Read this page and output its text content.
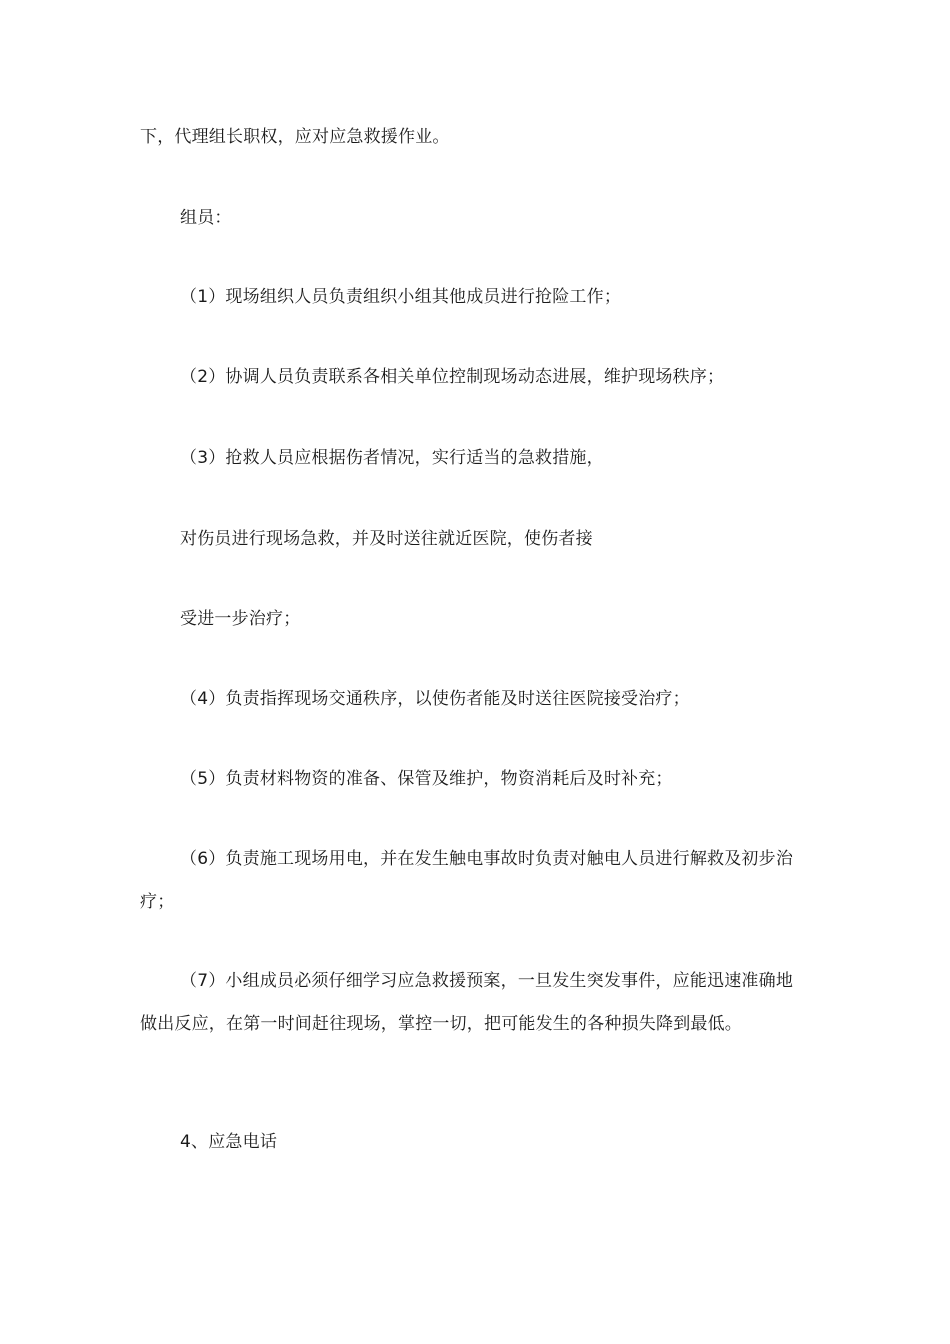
下，代理组长职权，应对应急救援作业。
组员：
（1）现场组织人员负责组织小组其他成员进行抢险工作；
（2）协调人员负责联系各相关单位控制现场动态进展，维护现场秩序；
（3）抢救人员应根据伤者情况，实行适当的急救措施，
对伤员进行现场急救，并及时送往就近医院，使伤者接
受进一步治疗；
（4）负责指挥现场交通秩序，以使伤者能及时送往医院接受治疗；
（5）负责材料物资的准备、保管及维护，物资消耗后及时补充；
（6）负责施工现场用电，并在发生触电事故时负责对触电人员进行解救及初步治疗；
（7）小组成员必须仔细学习应急救援预案，一旦发生突发事件，应能迅速准确地做出反应，在第一时间赶往现场，掌控一切，把可能发生的各种损失降到最低。
4、应急电话
